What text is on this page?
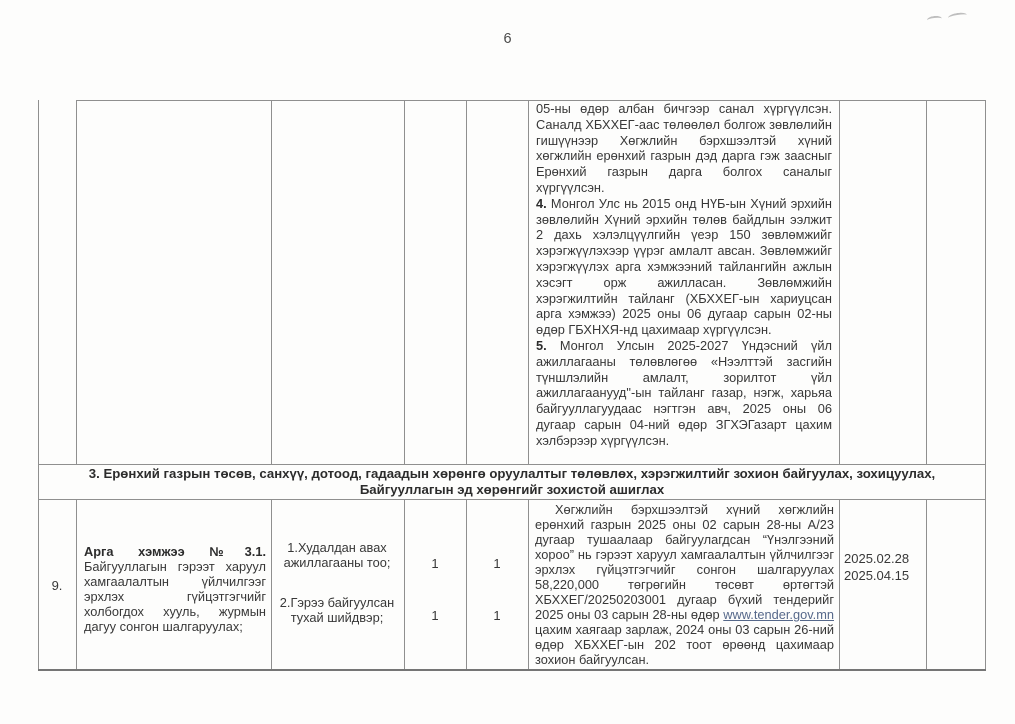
6

05-ны өдөр албан бичгээр санал хүргүүлсэн. Саналд ХБХХЕГ-аас төлөөлөл болгож зөвлөлийн гишүүнээр Хөгжлийн бэрхшээлтэй хүний хөгжлийн ерөнхий газрын дэд дарга гэж заасныг Ерөнхий газрын дарга болгох саналыг хүргүүлсэн.

4. Монгол Улс нь 2015 онд НҮБ-ын Хүний эрхийн зөвлөлийн Хүний эрхийн төлөв байдлын ээлжит 2 дахь хэлэлцүүлгийн үеэр 150 зөвлөмжийг хэрэгжүүлэхээр үүрэг амлалт авсан. Зөвлөмжийг хэрэгжүүлэх арга хэмжээний тайлангийн ажлын хэсэгт орж ажилласан. Зөвлөмжийн хэрэгжилтийн тайланг (ХБХХЕГ-ын хариуцсан арга хэмжээ) 2025 оны 06 дугаар сарын 02-ны өдөр ГБХНХЯ-нд цахимаар хүргүүлсэн.

5. Монгол Улсын 2025-2027 Үндэсний үйл ажиллагааны төлөвлөгөө «Нээлттэй засгийн түншлэлийн амлалт, зорилтот үйл ажиллагаанууд"-ын тайланг газар, нэгж, харьяа байгууллагуудаас нэгтгэн авч, 2025 оны 06 дугаар сарын 04-ний өдөр ЗГХЭГазарт цахим хэлбэрээр хүргүүлсэн.

3. Ерөнхий газрын төсөв, санхүү, дотоод, гадаадын хөрөнгө оруулалтыг төлөвлөх, хэрэгжилтийг зохион байгуулах, зохицуулах, Байгууллагын эд хөрөнгийг зохистой ашиглах
9.
Арга хэмжээ №3.1. Байгууллагын гэрээт харуул хамгаалалтын үйлчилгээг эрхлэх гүйцэтгэгчийг холбогдох хууль, журмын дагуу сонгон шалгаруулах;
1.Худалдан авах ажиллагааны тоо;
2.Гэрээ байгуулсан тухай шийдвэр;
1
1
1
1
Хөгжлийн бэрхшээлтэй хүний хөгжлийн ерөнхий газрын 2025 оны 02 сарын 28-ны А/23 дугаар тушаалаар байгуулагдсан “Үнэлгээний хороо” нь гэрээт харуул хамгаалалтын үйлчилгээг эрхлэх гүйцэтгэгчийг сонгон шалгаруулах 58,220,000 төгрөгийн төсөвт өртөгтэй ХБХХЕГ/20250203001 дугаар бүхий тендерийг 2025 оны 03 сарын 28-ны өдөр www.tender.gov.mn цахим хаягаар зарлаж, 2024 оны 03 сарын 26-ний өдөр ХБХХЕГ-ын 202 тоот өрөөнд цахимаар зохион байгуулсан.
2025.02.28
2025.04.15
